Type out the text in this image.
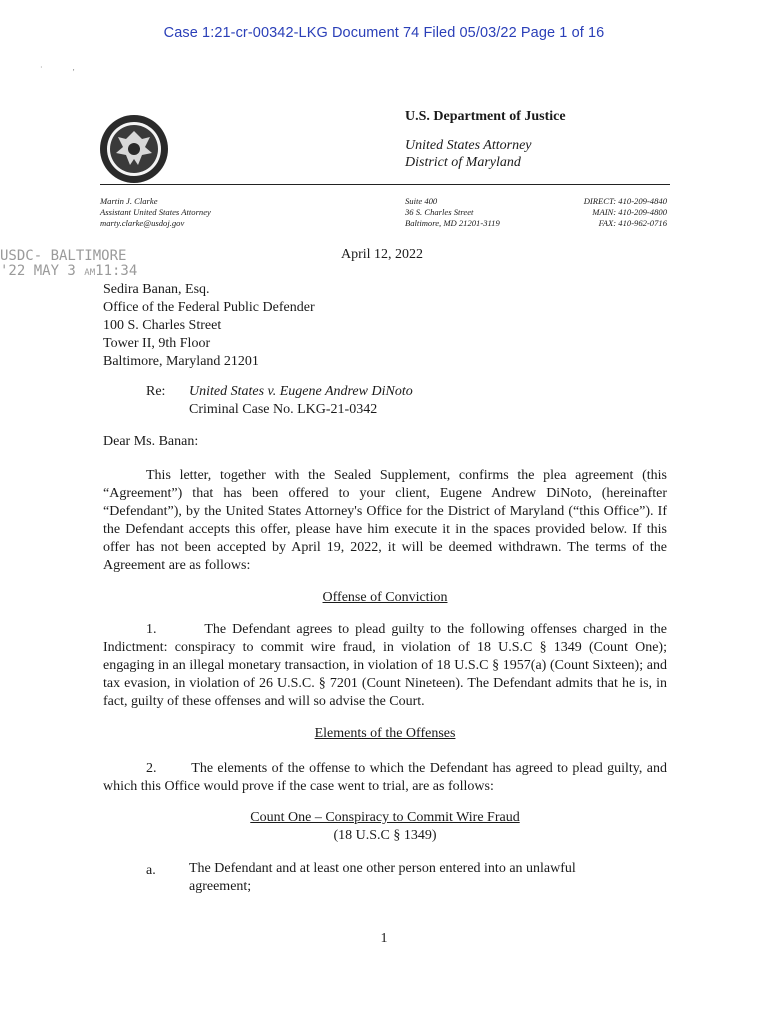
Case 1:21-cr-00342-LKG Document 74 Filed 05/03/22 Page 1 of 16
·               ,
U.S. Department of Justice
United States Attorney
District of Maryland
Martin J. Clarke
Assistant United States Attorney
marty.clarke@usdoj.gov
Suite 400
36 S. Charles Street
Baltimore, MD 21201-3119
DIRECT: 410-209-4840
MAIN: 410-209-4800
FAX: 410-962-0716
USDC- BALTIMORE
'22 MAY 3 AM11:34
April 12, 2022
Sedira Banan, Esq.
Office of the Federal Public Defender
100 S. Charles Street
Tower II, 9th Floor
Baltimore, Maryland 21201
Re: United States v. Eugene Andrew DiNoto
Criminal Case No. LKG-21-0342
Dear Ms. Banan:
This letter, together with the Sealed Supplement, confirms the plea agreement (this “Agreement”) that has been offered to your client, Eugene Andrew DiNoto, (hereinafter “Defendant”), by the United States Attorney's Office for the District of Maryland (“this Office”). If the Defendant accepts this offer, please have him execute it in the spaces provided below. If this offer has not been accepted by April 19, 2022, it will be deemed withdrawn. The terms of the Agreement are as follows:
Offense of Conviction
1.	The Defendant agrees to plead guilty to the following offenses charged in the Indictment: conspiracy to commit wire fraud, in violation of 18 U.S.C § 1349 (Count One); engaging in an illegal monetary transaction, in violation of 18 U.S.C § 1957(a) (Count Sixteen); and tax evasion, in violation of 26 U.S.C. § 7201 (Count Nineteen). The Defendant admits that he is, in fact, guilty of these offenses and will so advise the Court.
Elements of the Offenses
2. The elements of the offense to which the Defendant has agreed to plead guilty, and which this Office would prove if the case went to trial, are as follows:
Count One – Conspiracy to Commit Wire Fraud
(18 U.S.C § 1349)
a. The Defendant and at least one other person entered into an unlawful agreement;
1
